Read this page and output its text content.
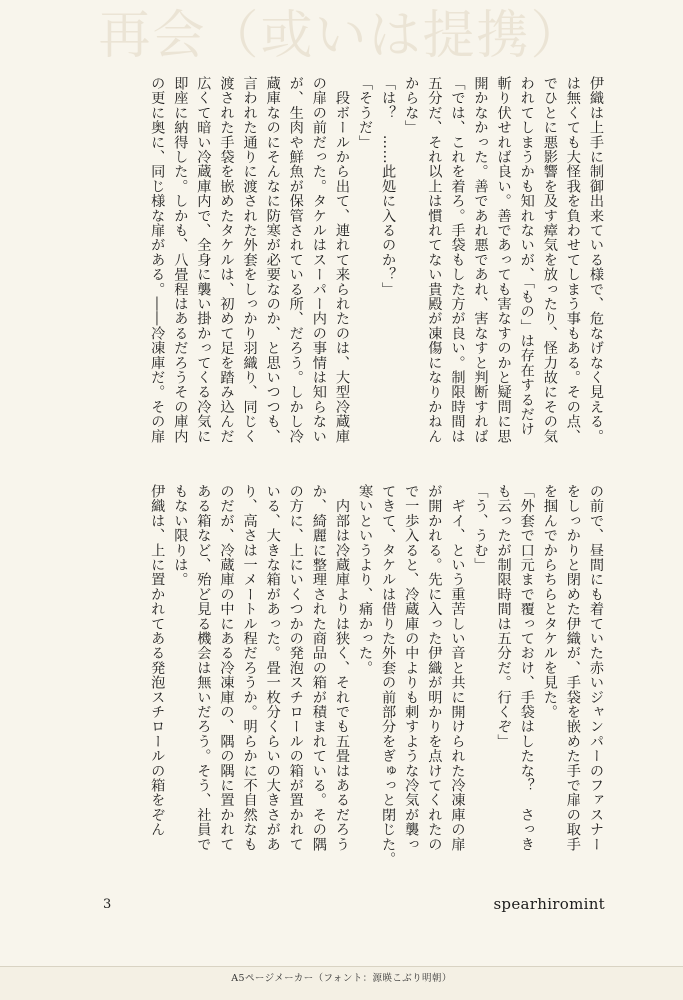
再会（或いは提携）
伊織は上手に制御出来ている様で、危なげなく見える。
は無くても大怪我を負わせてしまう事もある。その点、
でひとに悪影響を及す瘴気を放ったり、怪力故にその気
われてしまうかも知れないが、「もの」は存在するだけ
斬り伏せれば良い。善であっても害なすのかと疑問に思
開かなかった。善であれ悪であれ、害なすと判断すれば
「では、これを着ろ。手袋もした方が良い。制限時間は
五分だ、それ以上は慣れてない貴殿が凍傷になりかねん
からな」
「は？　……此処に入るのか？」
「そうだ」
　段ボールから出て、連れて来られたのは、大型冷蔵庫
の扉の前だった。タケルはスーパー内の事情は知らない
が、生肉や鮮魚が保管されている所、だろう。しかし冷
蔵庫なのにそんなに防寒が必要なのか、と思いつつも、
言われた通りに渡された外套をしっかり羽織り、同じく
渡された手袋を嵌めたタケルは、初めて足を踏み込んだ
広くて暗い冷蔵庫内で、全身に襲い掛かってくる冷気に
即座に納得した。しかも、八畳程はあるだろうその庫内
の更に奥に、同じ様な扉がある。――冷凍庫だ。その扉
の前で、昼間にも着ていた赤いジャンパーのファスナー
をしっかりと閉めた伊織が、手袋を嵌めた手で扉の取手
を掴んでからちらとタケルを見た。
「外套で口元まで覆っておけ、手袋はしたな？　さっき
も云ったが制限時間は五分だ。行くぞ」
「う、うむ」
　ギイ、という重苦しい音と共に開けられた冷凍庫の扉
が開かれる。先に入った伊織が明かりを点けてくれたの
で一歩入ると、冷蔵庫の中よりも刺すような冷気が襲っ
てきて、タケルは借りた外套の前部分をぎゅっと閉じた。
寒いというより、痛かった。
　内部は冷蔵庫よりは狭く、それでも五畳はあるだろう
か、綺麗に整理された商品の箱が積まれている。その隅
の方に、上にいくつかの発泡スチロールの箱が置かれて
いる、大きな箱があった。畳一枚分くらいの大きさがあ
り、高さは一メートル程だろうか。明らかに不自然なも
のだが、冷蔵庫の中にある冷凍庫の、隅の隅に置かれて
ある箱など、殆ど見る機会は無いだろう。そう、社員で
もない限りは。
伊織は、上に置かれてある発泡スチロールの箱をぞん
3	spearhiromint
A5ページメーカー（フォント：源暎こぶり明朝）
